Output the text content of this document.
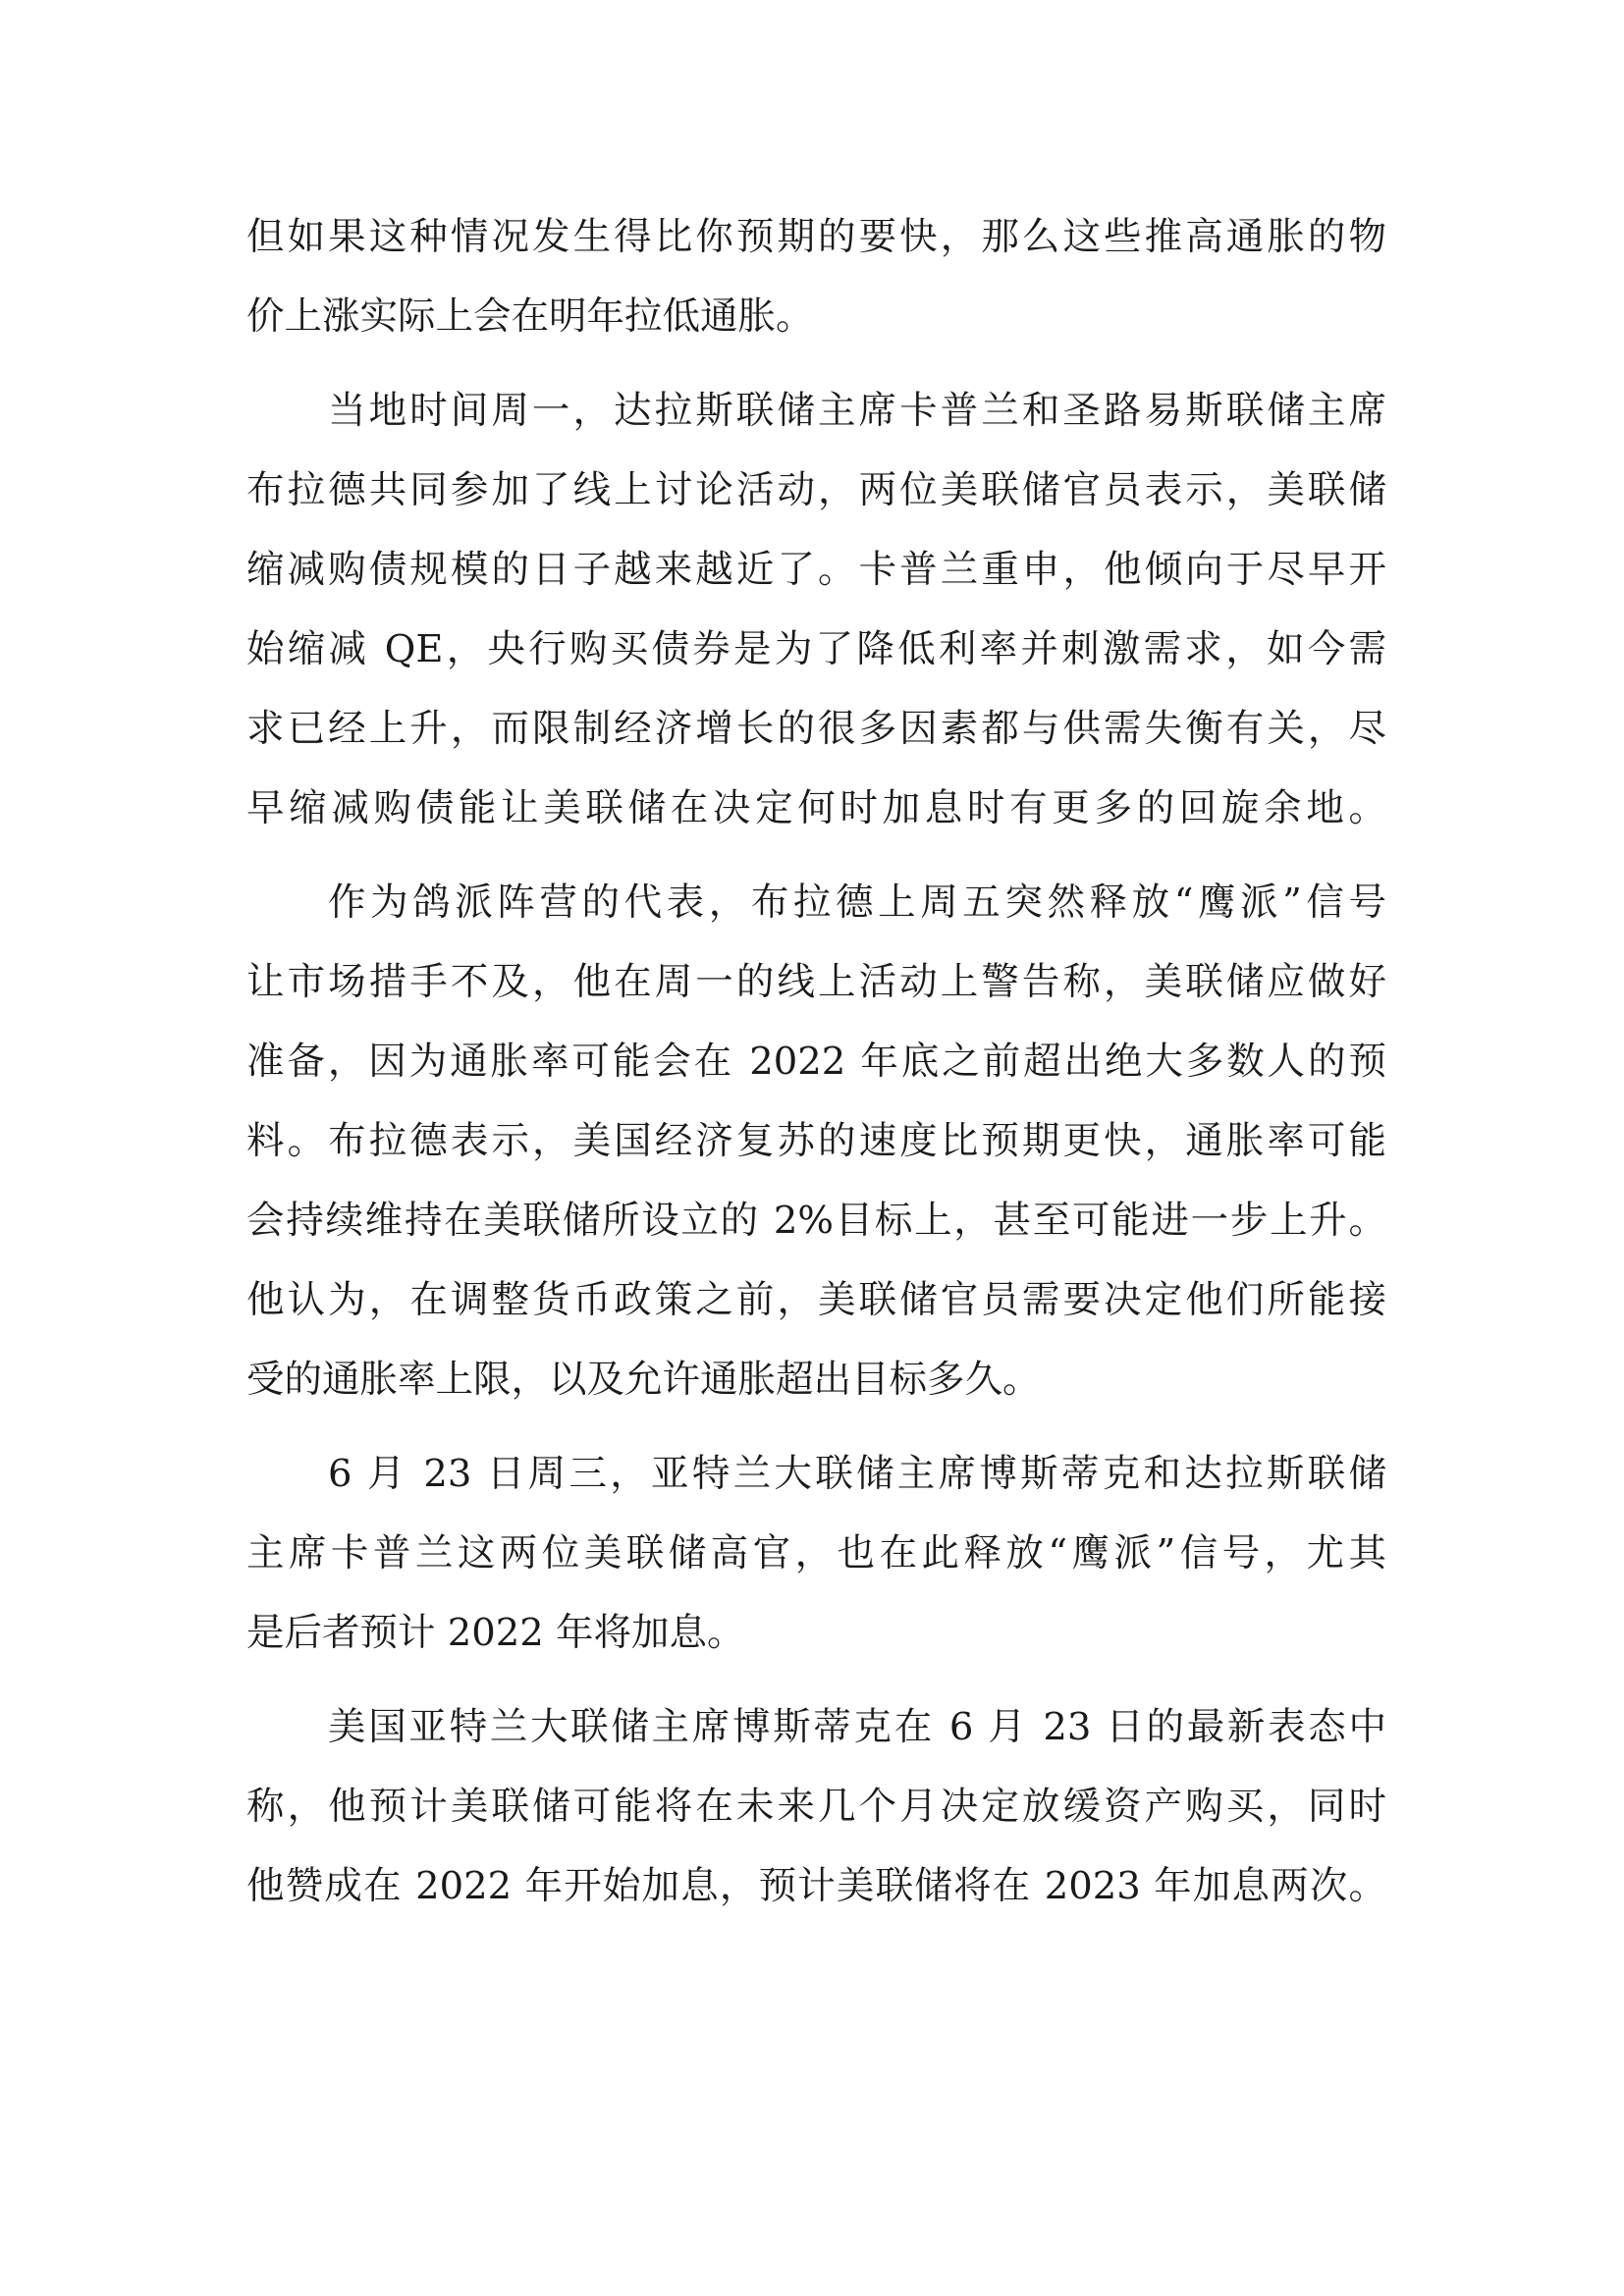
但如果这种情况发生得比你预期的要快，那么这些推高通胀的物

价上涨实际上会在明年拉低通胀。

当地时间周一，达拉斯联储主席卡普兰和圣路易斯联储主席

布拉德共同参加了线上讨论活动，两位美联储官员表示，美联储

缩减购债规模的日子越来越近了。卡普兰重申，他倾向于尽早开

始缩减 QE，央行购买债券是为了降低利率并刺激需求，如今需

求已经上升，而限制经济增长的很多因素都与供需失衡有关，尽

早缩减购债能让美联储在决定何时加息时有更多的回旋余地。

作为鸽派阵营的代表，布拉德上周五突然释放“鹰派”信号

让市场措手不及，他在周一的线上活动上警告称，美联储应做好

准备，因为通胀率可能会在 2022 年底之前超出绝大多数人的预

料。布拉德表示，美国经济复苏的速度比预期更快，通胀率可能

会持续维持在美联储所设立的 2%目标上，甚至可能进一步上升。

他认为，在调整货币政策之前，美联储官员需要决定他们所能接

受的通胀率上限，以及允许通胀超出目标多久。

6 月 23 日周三，亚特兰大联储主席博斯蒂克和达拉斯联储

主席卡普兰这两位美联储高官，也在此释放“鹰派”信号，尤其

是后者预计 2022 年将加息。

美国亚特兰大联储主席博斯蒂克在 6 月 23 日的最新表态中

称，他预计美联储可能将在未来几个月决定放缓资产购买，同时

他赞成在 2022 年开始加息，预计美联储将在 2023 年加息两次。
